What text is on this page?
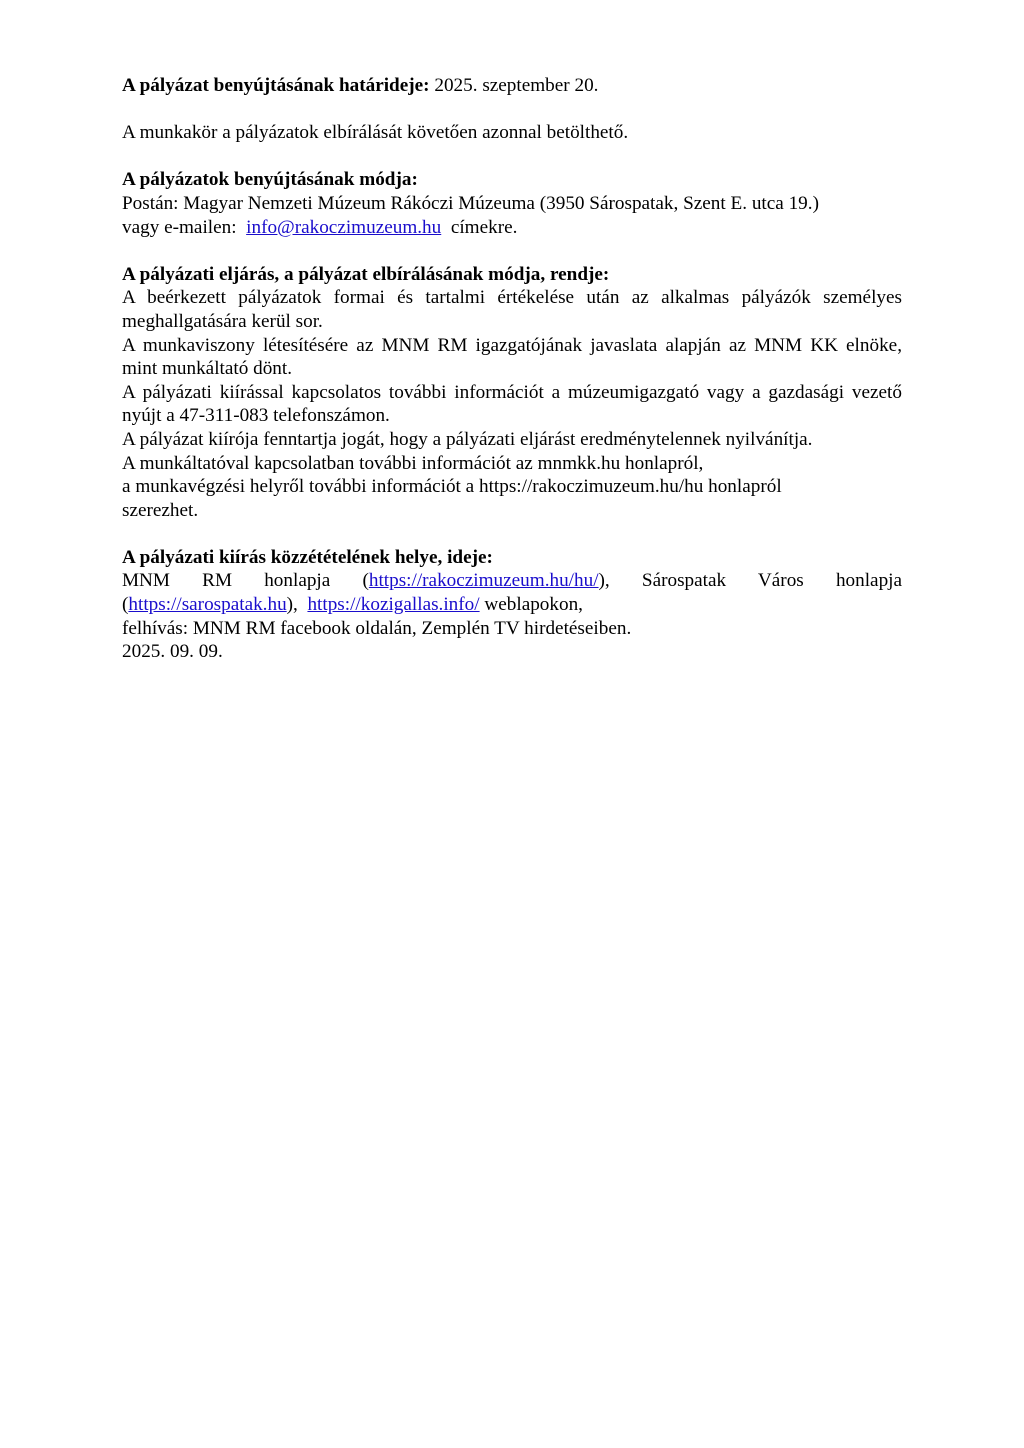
A pályázat benyújtásának határideje: 2025. szeptember 20.

A munkakör a pályázatok elbírálását követően azonnal betölthető.

A pályázatok benyújtásának módja:

Postán: Magyar Nemzeti Múzeum Rákóczi Múzeuma (3950 Sárospatak, Szent E. utca 19.)

vagy e-mailen: info@rakoczimuzeum.hu címekre.

A pályázati eljárás, a pályázat elbírálásának módja, rendje:

A beérkezett pályázatok formai és tartalmi értékelése után az alkalmas pályázók személyes meghallgatására kerül sor.

A munkaviszony létesítésére az MNM RM igazgatójának javaslata alapján az MNM KK elnöke, mint munkáltató dönt.

A pályázati kiírással kapcsolatos további információt a múzeumigazgató vagy a gazdasági vezető nyújt a 47-311-083 telefonszámon.

A pályázat kiírója fenntartja jogát, hogy a pályázati eljárást eredménytelennek nyilvánítja.

A munkáltatóval kapcsolatban további információt az mnmkk.hu honlapról,

a munkavégzési helyről további információt a https://rakoczimuzeum.hu/hu honlapról szerezhet.

A pályázati kiírás közzétételének helye, ideje:

MNM RM honlapja (https://rakoczimuzeum.hu/hu/), Sárospatak Város honlapja (https://sarospatak.hu), https://kozigallas.info/ weblapokon,

felhívás: MNM RM facebook oldalán, Zemplén TV hirdetéseiben.

2025. 09. 09.
